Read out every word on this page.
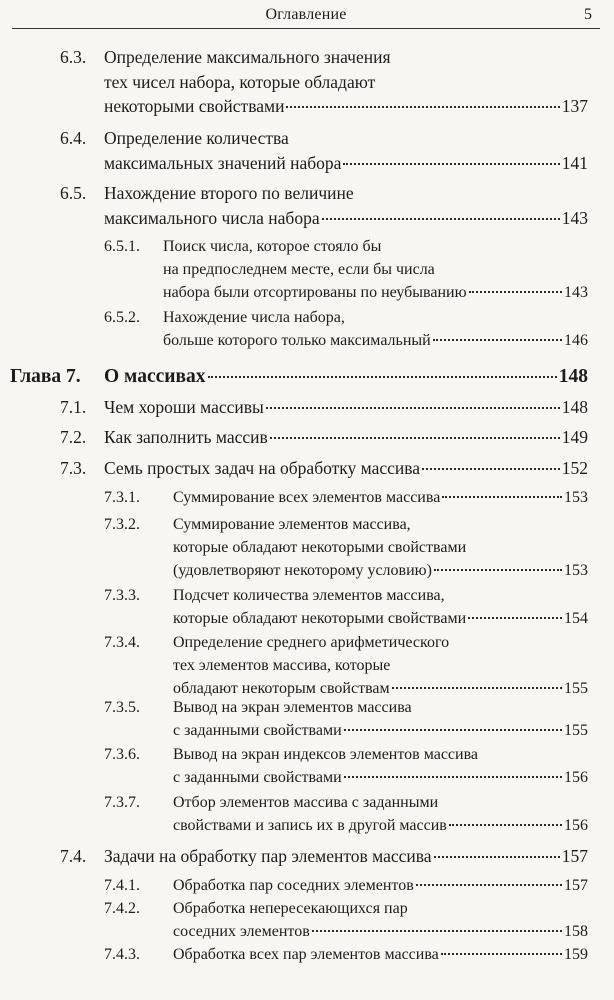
Оглавление	5
6.3. Определение максимального значения
тех чисел набора, которые обладают
некоторыми свойствами	137
6.4. Определение количества
максимальных значений набора	141
6.5. Нахождение второго по величине
максимального числа набора	143
6.5.1. Поиск числа, которое стояло бы
на предпоследнем месте, если бы числа
набора были отсортированы по неубыванию	143
6.5.2. Нахождение числа набора,
больше которого только максимальный	146
Глава 7. О массивах	148
7.1. Чем хороши массивы	148
7.2. Как заполнить массив	149
7.3. Семь простых задач на обработку массива	152
7.3.1. Суммирование всех элементов массива	153
7.3.2. Суммирование элементов массива,
которые обладают некоторыми свойствами
(удовлетворяют некоторому условию)	153
7.3.3. Подсчет количества элементов массива,
которые обладают некоторыми свойствами	154
7.3.4. Определение среднего арифметического
тех элементов массива, которые
обладают некоторым свойствам	155
7.3.5. Вывод на экран элементов массива
с заданными свойствами	155
7.3.6. Вывод на экран индексов элементов массива
с заданными свойствами	156
7.3.7. Отбор элементов массива с заданными
свойствами и запись их в другой массив	156
7.4. Задачи на обработку пар элементов массива	157
7.4.1. Обработка пар соседних элементов	157
7.4.2. Обработка непересекающихся пар
соседних элементов	158
7.4.3. Обработка всех пар элементов массива	159
